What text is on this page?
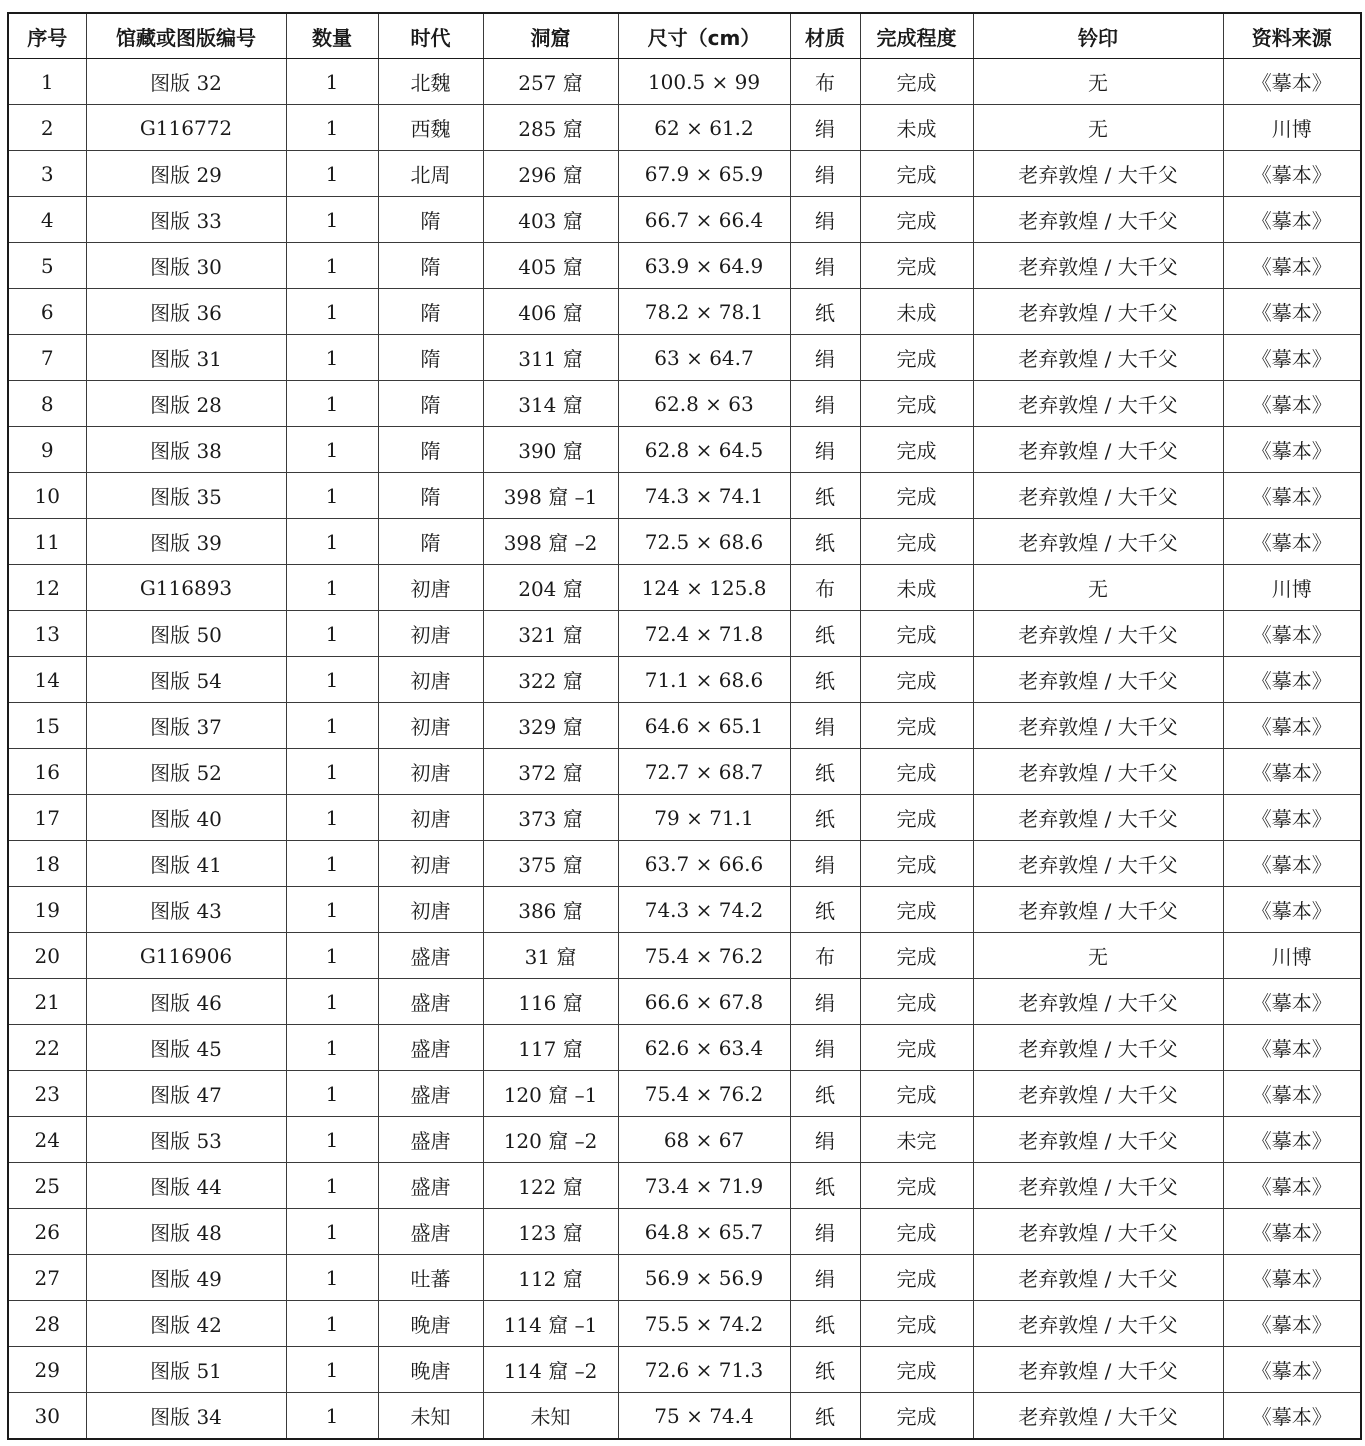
序号	馆藏或图版编号	数量	时代	洞窟	尺寸（cm）	材质	完成程度	钤印	资料来源
1	图版 32	1	北魏	257 窟	100.5 × 99	布	完成	无	《摹本》
2	G116772	1	西魏	285 窟	62 × 61.2	绢	未成	无	川博
3	图版 29	1	北周	296 窟	67.9 × 65.9	绢	完成	老弃敦煌 / 大千父	《摹本》
4	图版 33	1	隋	403 窟	66.7 × 66.4	绢	完成	老弃敦煌 / 大千父	《摹本》
5	图版 30	1	隋	405 窟	63.9 × 64.9	绢	完成	老弃敦煌 / 大千父	《摹本》
6	图版 36	1	隋	406 窟	78.2 × 78.1	纸	未成	老弃敦煌 / 大千父	《摹本》
7	图版 31	1	隋	311 窟	63 × 64.7	绢	完成	老弃敦煌 / 大千父	《摹本》
8	图版 28	1	隋	314 窟	62.8 × 63	绢	完成	老弃敦煌 / 大千父	《摹本》
9	图版 38	1	隋	390 窟	62.8 × 64.5	绢	完成	老弃敦煌 / 大千父	《摹本》
10	图版 35	1	隋	398 窟 –1	74.3 × 74.1	纸	完成	老弃敦煌 / 大千父	《摹本》
11	图版 39	1	隋	398 窟 –2	72.5 × 68.6	纸	完成	老弃敦煌 / 大千父	《摹本》
12	G116893	1	初唐	204 窟	124 × 125.8	布	未成	无	川博
13	图版 50	1	初唐	321 窟	72.4 × 71.8	纸	完成	老弃敦煌 / 大千父	《摹本》
14	图版 54	1	初唐	322 窟	71.1 × 68.6	纸	完成	老弃敦煌 / 大千父	《摹本》
15	图版 37	1	初唐	329 窟	64.6 × 65.1	绢	完成	老弃敦煌 / 大千父	《摹本》
16	图版 52	1	初唐	372 窟	72.7 × 68.7	纸	完成	老弃敦煌 / 大千父	《摹本》
17	图版 40	1	初唐	373 窟	79 × 71.1	纸	完成	老弃敦煌 / 大千父	《摹本》
18	图版 41	1	初唐	375 窟	63.7 × 66.6	绢	完成	老弃敦煌 / 大千父	《摹本》
19	图版 43	1	初唐	386 窟	74.3 × 74.2	纸	完成	老弃敦煌 / 大千父	《摹本》
20	G116906	1	盛唐	31 窟	75.4 × 76.2	布	完成	无	川博
21	图版 46	1	盛唐	116 窟	66.6 × 67.8	绢	完成	老弃敦煌 / 大千父	《摹本》
22	图版 45	1	盛唐	117 窟	62.6 × 63.4	绢	完成	老弃敦煌 / 大千父	《摹本》
23	图版 47	1	盛唐	120 窟 –1	75.4 × 76.2	纸	完成	老弃敦煌 / 大千父	《摹本》
24	图版 53	1	盛唐	120 窟 –2	68 × 67	绢	未完	老弃敦煌 / 大千父	《摹本》
25	图版 44	1	盛唐	122 窟	73.4 × 71.9	纸	完成	老弃敦煌 / 大千父	《摹本》
26	图版 48	1	盛唐	123 窟	64.8 × 65.7	绢	完成	老弃敦煌 / 大千父	《摹本》
27	图版 49	1	吐蕃	112 窟	56.9 × 56.9	绢	完成	老弃敦煌 / 大千父	《摹本》
28	图版 42	1	晚唐	114 窟 –1	75.5 × 74.2	纸	完成	老弃敦煌 / 大千父	《摹本》
29	图版 51	1	晚唐	114 窟 –2	72.6 × 71.3	纸	完成	老弃敦煌 / 大千父	《摹本》
30	图版 34	1	未知	未知	75 × 74.4	纸	完成	老弃敦煌 / 大千父	《摹本》
